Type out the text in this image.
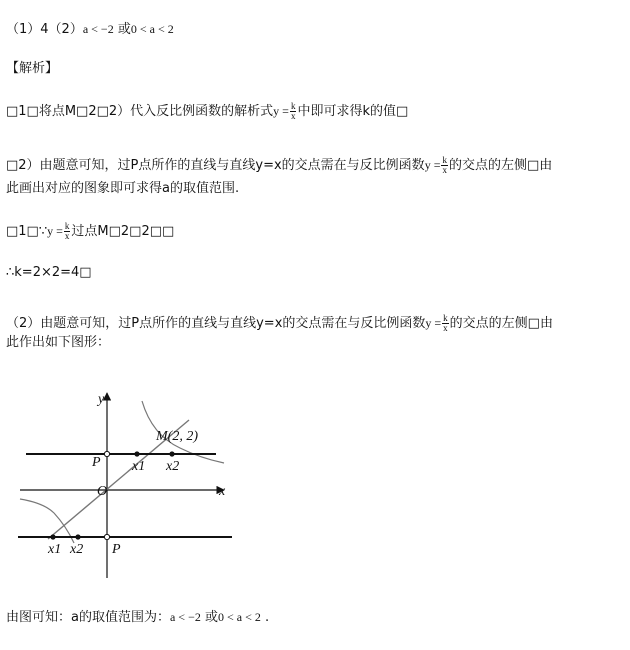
（1）4（2）a < −2 或0 < a < 2
【解析】
□1□将点M□2□2）代入反比例函数的解析式$y = \frac{k}{x}$ 中即可求得k的值□
□2）由题意可知，过P点所作的直线与直线y=x的交点需在与反比例函数$y = \frac{k}{x}$ 的交点的左侧□由
此画出对应的图象即可求得a的取值范围.
□1□∵y = $\frac{k}{x}$ 过点M□2□2□□
∴k=2×2=4□
（2）由题意可知，过P点所作的直线与直线y=x的交点需在与反比例函数$y = \frac{k}{x}$ 的交点的左侧□由
此作出如下图形：
y
x
O
M(2, 2)
P x1 x2
x1 x2 P
由图可知：a的取值范围为：a < −2 或0 < a < 2 .
